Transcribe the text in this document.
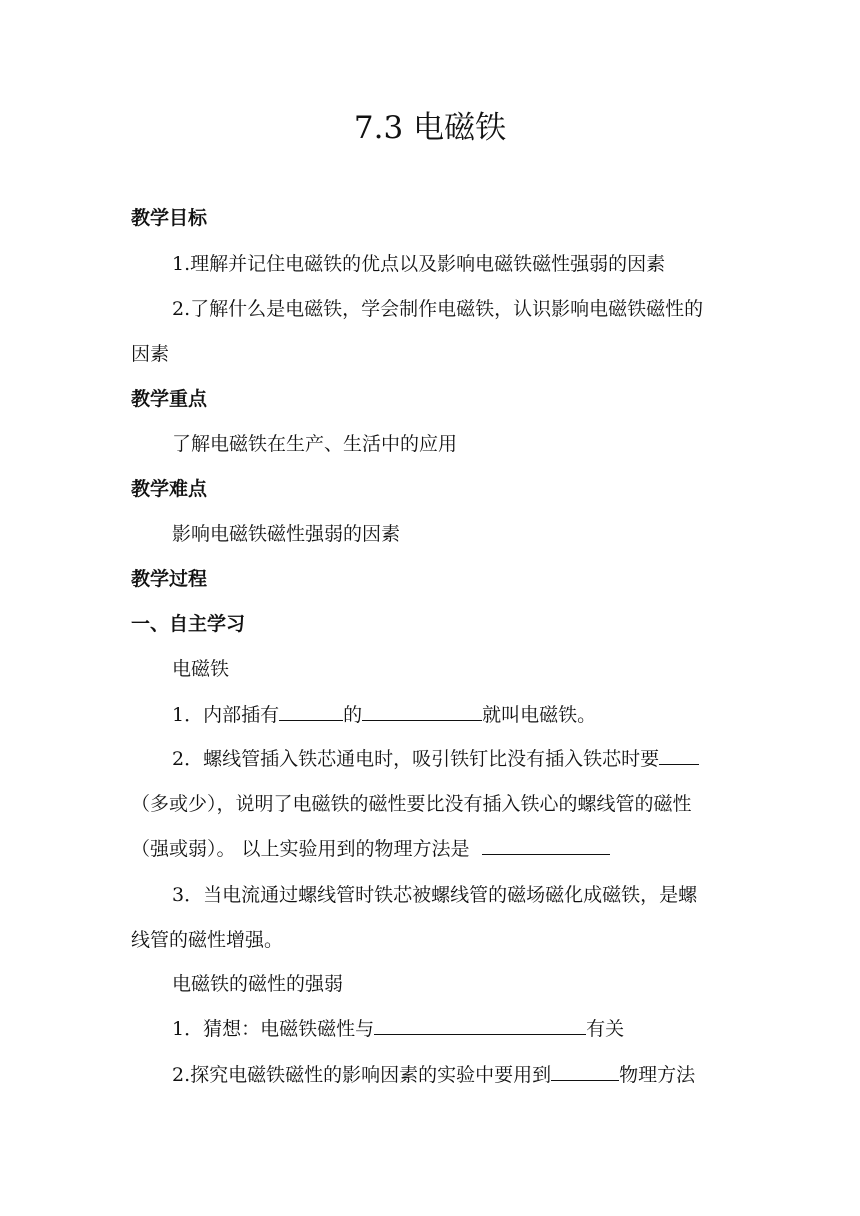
7.3 电磁铁
教学目标
1.理解并记住电磁铁的优点以及影响电磁铁磁性强弱的因素
2.了解什么是电磁铁，学会制作电磁铁，认识影响电磁铁磁性的
因素
教学重点
了解电磁铁在生产、生活中的应用
教学难点
影响电磁铁磁性强弱的因素
教学过程
一、自主学习
电磁铁
1．内部插有	的	就叫电磁铁。
2．螺线管插入铁芯通电时，吸引铁钉比没有插入铁芯时要
（多或少），说明了电磁铁的磁性要比没有插入铁心的螺线管的磁性
（强或弱）。 以上实验用到的物理方法是
3．当电流通过螺线管时铁芯被螺线管的磁场磁化成磁铁，是螺
线管的磁性增强。
电磁铁的磁性的强弱
1．猜想：电磁铁磁性与	有关
2.探究电磁铁磁性的影响因素的实验中要用到	物理方法
